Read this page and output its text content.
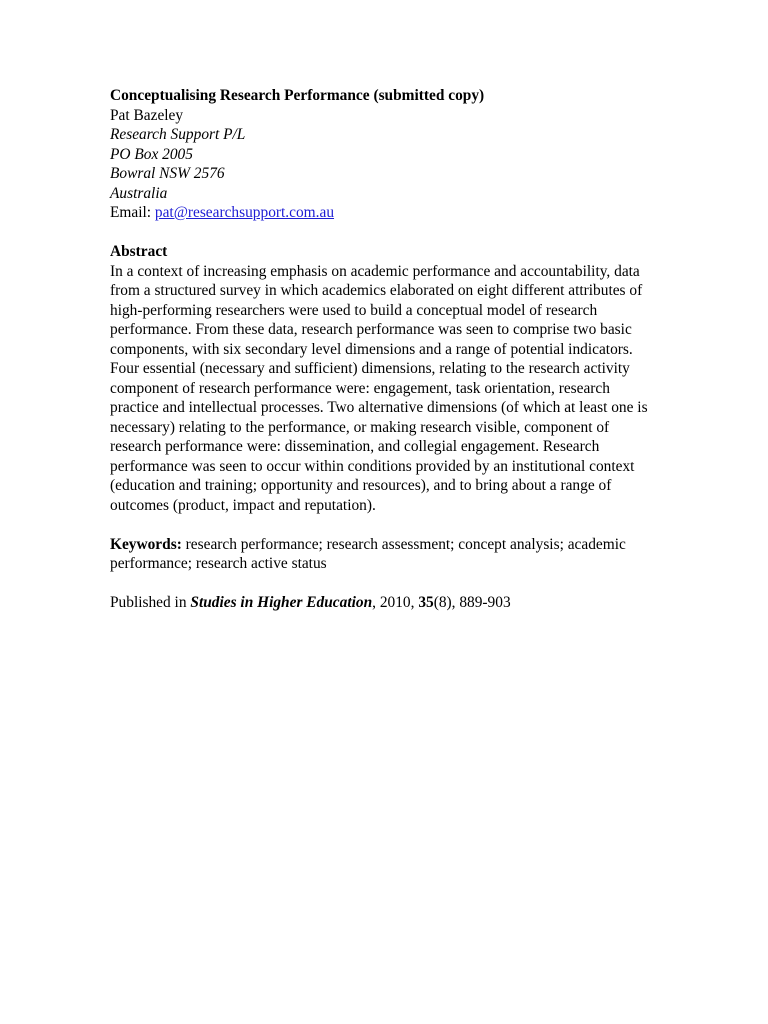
Conceptualising Research Performance (submitted copy)
Pat Bazeley
Research Support P/L
PO Box 2005
Bowral NSW 2576
Australia
Email: pat@researchsupport.com.au
Abstract
In a context of increasing emphasis on academic performance and accountability, data
from a structured survey in which academics elaborated on eight different attributes of
high-performing researchers were used to build a conceptual model of research
performance. From these data, research performance was seen to comprise two basic
components, with six secondary level dimensions and a range of potential indicators.
Four essential (necessary and sufficient) dimensions, relating to the research activity
component of research performance were: engagement, task orientation, research
practice and intellectual processes. Two alternative dimensions (of which at least one is
necessary) relating to the performance, or making research visible, component of
research performance were: dissemination, and collegial engagement. Research
performance was seen to occur within conditions provided by an institutional context
(education and training; opportunity and resources), and to bring about a range of
outcomes (product, impact and reputation).
Keywords: research performance; research assessment; concept analysis; academic
performance; research active status
Published in Studies in Higher Education, 2010, 35(8), 889-903
